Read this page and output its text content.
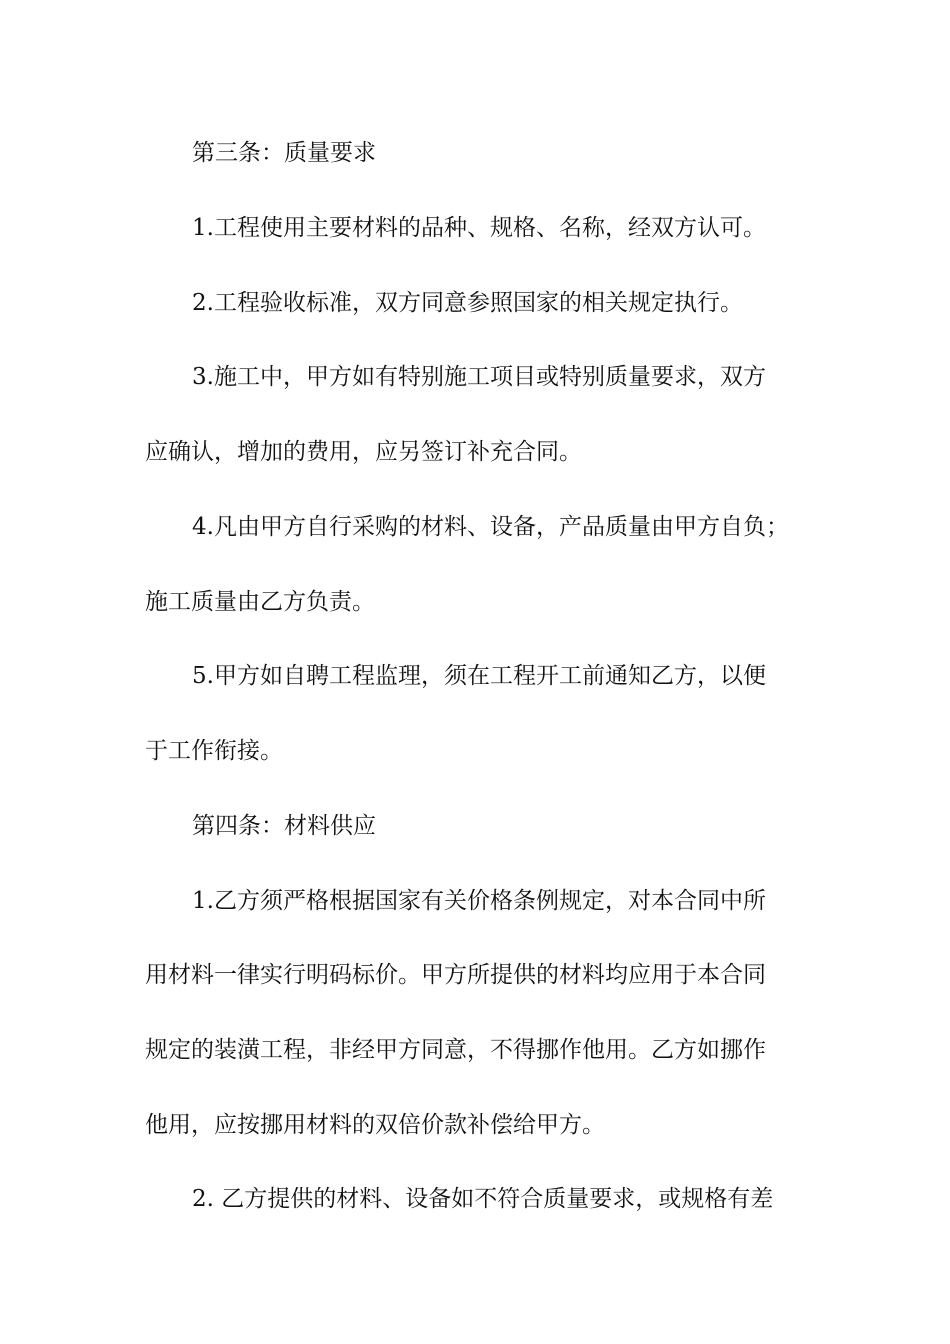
第三条：质量要求

1.工程使用主要材料的品种、规格、名称，经双方认可。

2.工程验收标准，双方同意参照国家的相关规定执行。

3.施工中，甲方如有特别施工项目或特别质量要求，双方

应确认，增加的费用，应另签订补充合同。

4.凡由甲方自行采购的材料、设备，产品质量由甲方自负；

施工质量由乙方负责。

5.甲方如自聘工程监理，须在工程开工前通知乙方，以便

于工作衔接。

第四条：材料供应

1.乙方须严格根据国家有关价格条例规定，对本合同中所

用材料一律实行明码标价。甲方所提供的材料均应用于本合同

规定的装潢工程，非经甲方同意，不得挪作他用。乙方如挪作

他用，应按挪用材料的双倍价款补偿给甲方。

2. 乙方提供的材料、设备如不符合质量要求，或规格有差
